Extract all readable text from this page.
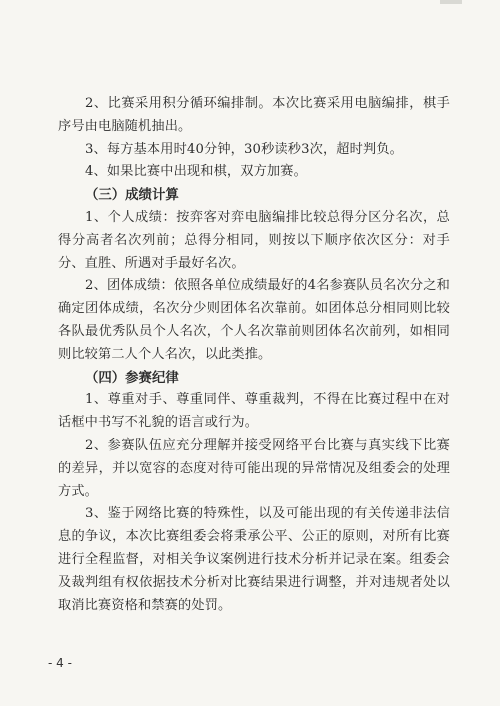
2、比赛采用积分循环编排制。本次比赛采用电脑编排，棋手序号由电脑随机抽出。

3、每方基本用时40分钟，30秒读秒3次，超时判负。

4、如果比赛中出现和棋，双方加赛。

（三）成绩计算

1、个人成绩：按弈客对弈电脑编排比较总得分区分名次，总得分高者名次列前；总得分相同，则按以下顺序依次区分：对手分、直胜、所遇对手最好名次。

2、团体成绩：依照各单位成绩最好的4名参赛队员名次分之和确定团体成绩，名次分少则团体名次靠前。如团体总分相同则比较各队最优秀队员个人名次，个人名次靠前则团体名次前列，如相同则比较第二人个人名次，以此类推。

（四）参赛纪律

1、尊重对手、尊重同伴、尊重裁判，不得在比赛过程中在对话框中书写不礼貌的语言或行为。

2、参赛队伍应充分理解并接受网络平台比赛与真实线下比赛的差异，并以宽容的态度对待可能出现的异常情况及组委会的处理方式。

3、鉴于网络比赛的特殊性，以及可能出现的有关传递非法信息的争议，本次比赛组委会将秉承公平、公正的原则，对所有比赛进行全程监督，对相关争议案例进行技术分析并记录在案。组委会及裁判组有权依据技术分析对比赛结果进行调整，并对违规者处以取消比赛资格和禁赛的处罚。

- 4 -
